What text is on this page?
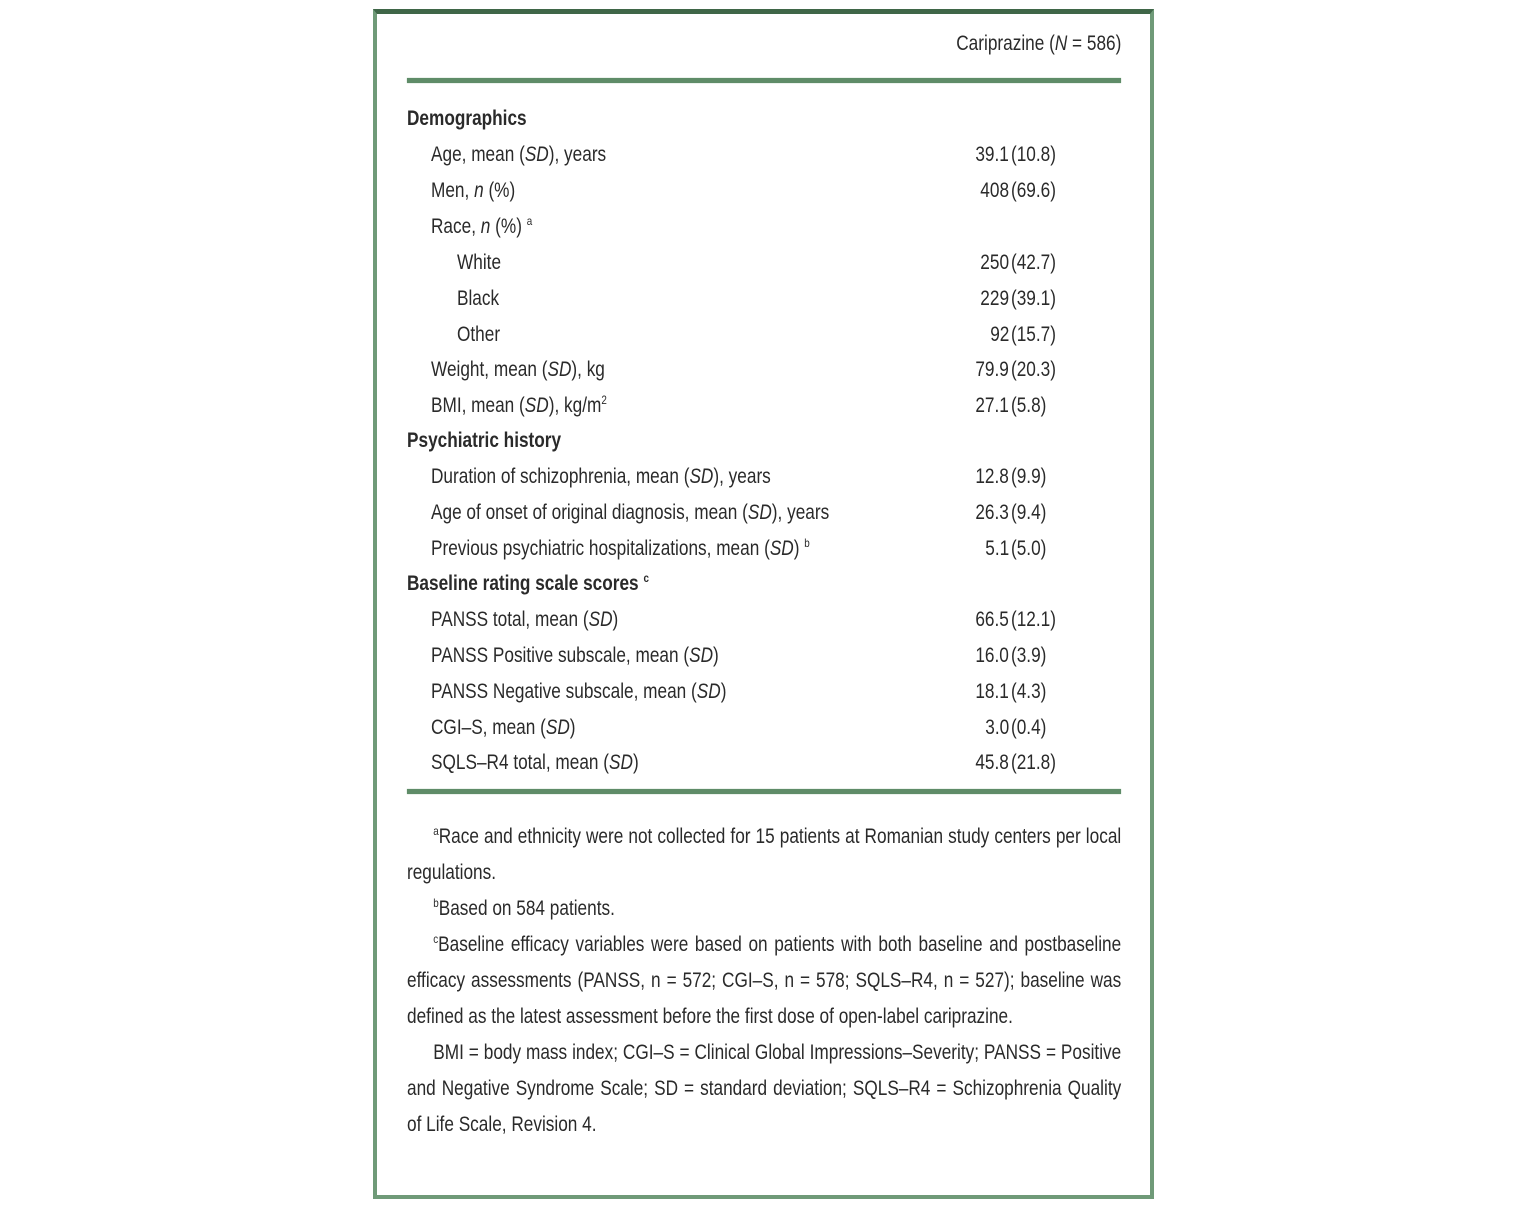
Cariprazine (N = 586)
Demographics
Age, mean (SD), years	39.1 (10.8)
Men, n (%)	408 (69.6)
Race, n (%) $^a$
White	250 (42.7)
Black	229 (39.1)
Other	92 (15.7)
Weight, mean (SD), kg	79.9 (20.3)
BMI, mean (SD), $kg/m^2$	27.1 (5.8)
Psychiatric history
Duration of schizophrenia, mean (SD), years	12.8 (9.9)
Age of onset of original diagnosis, mean (SD), years	26.3 (9.4)
Previous psychiatric hospitalizations, mean (SD) $^b$	5.1 (5.0)
Baseline rating scale scores $^c$
PANSS total, mean (SD)	66.5 (12.1)
PANSS Positive subscale, mean (SD)	16.0 (3.9)
PANSS Negative subscale, mean (SD)	18.1 (4.3)
CGI–S, mean (SD)	3.0 (0.4)
SQLS–R4 total, mean (SD)	45.8 (21.8)

$^a$Race and ethnicity were not collected for 15 patients at Romanian study centers per local regulations.

$^b$Based on 584 patients.

$^c$Baseline efficacy variables were based on patients with both baseline and postbaseline efficacy assessments (PANSS, n = 572; CGI–S, n = 578; SQLS–R4, n = 527); baseline was defined as the latest assessment before the first dose of open-label cariprazine.

BMI = body mass index; CGI–S = Clinical Global Impressions–Severity; PANSS = Positive and Negative Syndrome Scale; SD = standard deviation; SQLS–R4 = Schizophrenia Quality of Life Scale, Revision 4.
